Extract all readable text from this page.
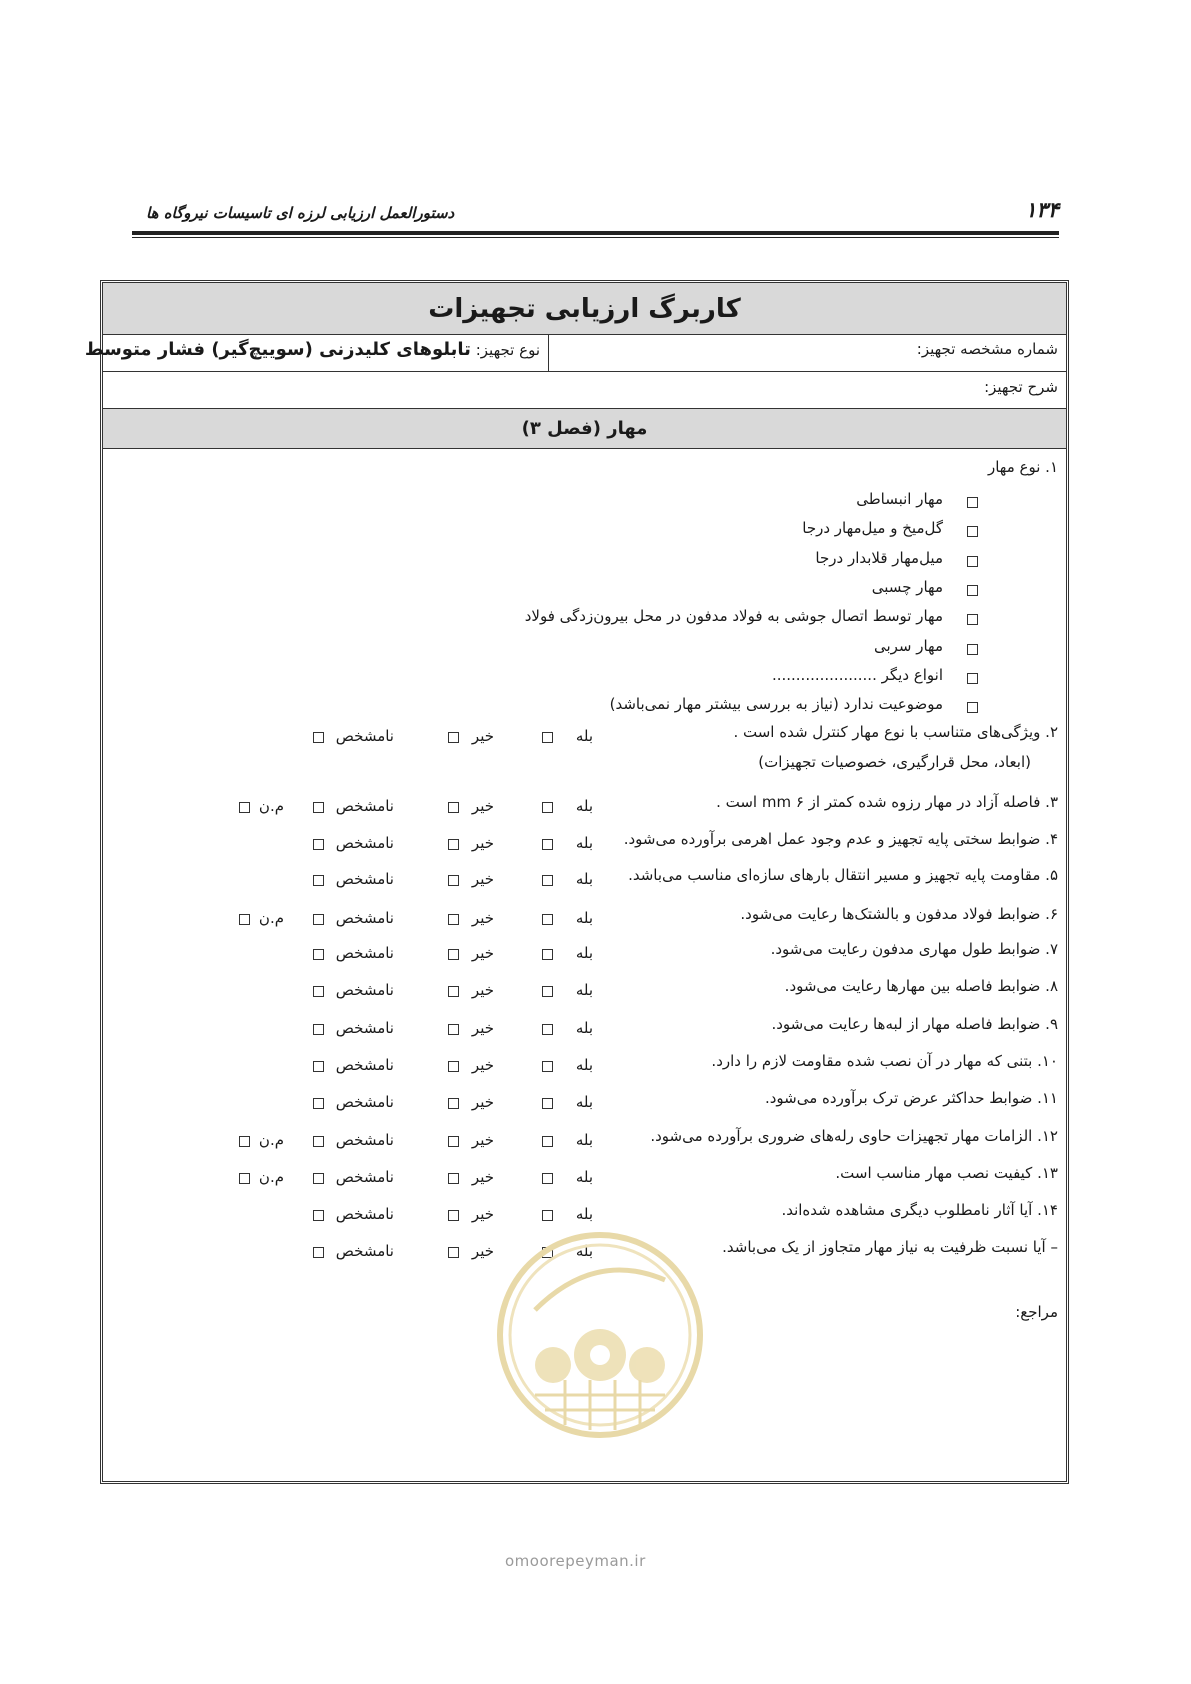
۱۳۴
دستورالعمل ارزیابی لرزه ای تاسیسات نیروگاه ها
کاربرگ ارزیابی تجهیزات
شماره مشخصه تجهیز:
نوع تجهیز: تابلوهای کلیدزنی (سوییچ‌گیر) فشار متوسط
شرح تجهیز:
مهار (فصل ۳)
۱. نوع مهار
مهار انبساطی
گل‌میخ و میل‌مهار درجا
میل‌مهار قلابدار درجا
مهار چسبی
مهار توسط اتصال جوشی به فولاد مدفون در محل بیرون‌زدگی فولاد
مهار سربی
انواع دیگر ......................
موضوعیت ندارد (نیاز به بررسی بیشتر مهار نمی‌باشد)
۲. ویژگی‌های متناسب با نوع مهار کنترل شده است .
(ابعاد، محل قرارگیری، خصوصیات تجهیزات)
بله
خیر
نامشخص
۳. فاصله آزاد در مهار رزوه شده کمتر از mm ۶ است .
بله
خیر
نامشخص
م.ن
۴. ضوابط سختی پایه تجهیز و عدم وجود عمل اهرمی برآورده می‌شود.
بله
خیر
نامشخص
۵. مقاومت پایه تجهیز و مسیر انتقال بارهای سازه‌ای مناسب می‌باشد.
بله
خیر
نامشخص
۶. ضوابط فولاد مدفون و بالشتک‌ها رعایت می‌شود.
بله
خیر
نامشخص
م.ن
۷. ضوابط طول مهاری مدفون رعایت می‌شود.
بله
خیر
نامشخص
۸. ضوابط فاصله بین مهارها رعایت می‌شود.
بله
خیر
نامشخص
۹. ضوابط فاصله مهار از لبه‌ها رعایت می‌شود.
بله
خیر
نامشخص
۱۰. بتنی که مهار در آن نصب شده مقاومت لازم را دارد.
بله
خیر
نامشخص
۱۱. ضوابط حداکثر عرض ترک برآورده می‌شود.
بله
خیر
نامشخص
۱۲. الزامات مهار تجهیزات حاوی رله‌های ضروری برآورده می‌شود.
بله
خیر
نامشخص
م.ن
۱۳. کیفیت نصب مهار مناسب است.
بله
خیر
نامشخص
م.ن
۱۴. آیا آثار نامطلوب دیگری مشاهده شده‌اند.
بله
خیر
نامشخص
– آیا نسبت ظرفیت به نیاز مهار متجاوز از یک می‌باشد.
بله
خیر
نامشخص
مراجع:
omoorepeyman.ir
